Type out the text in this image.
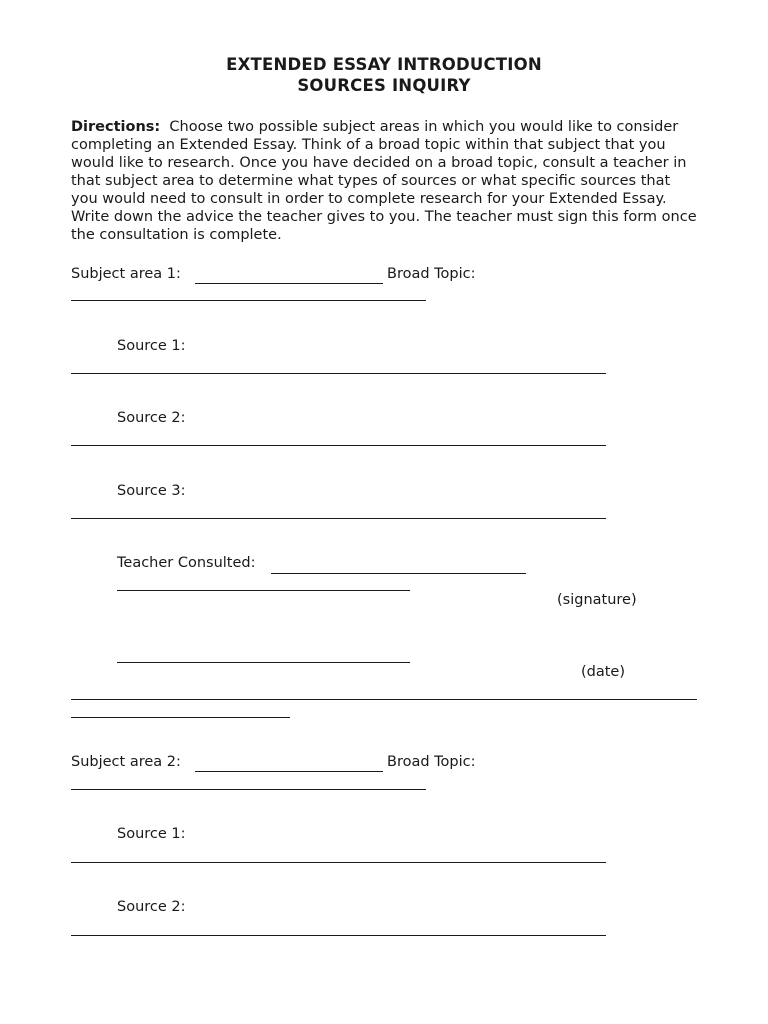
EXTENDED ESSAY INTRODUCTION
SOURCES INQUIRY
Directions: Choose two possible subject areas in which you would like to consider completing an Extended Essay. Think of a broad topic within that subject that you would like to research. Once you have decided on a broad topic, consult a teacher in that subject area to determine what types of sources or what specific sources that you would need to consult in order to complete research for your Extended Essay. Write down the advice the teacher gives to you. The teacher must sign this form once the consultation is complete.
Subject area 1:	Broad Topic:
Source 1:
Source 2:
Source 3:
Teacher Consulted:
(signature)
(date)
Subject area 2:	Broad Topic:
Source 1:
Source 2:
